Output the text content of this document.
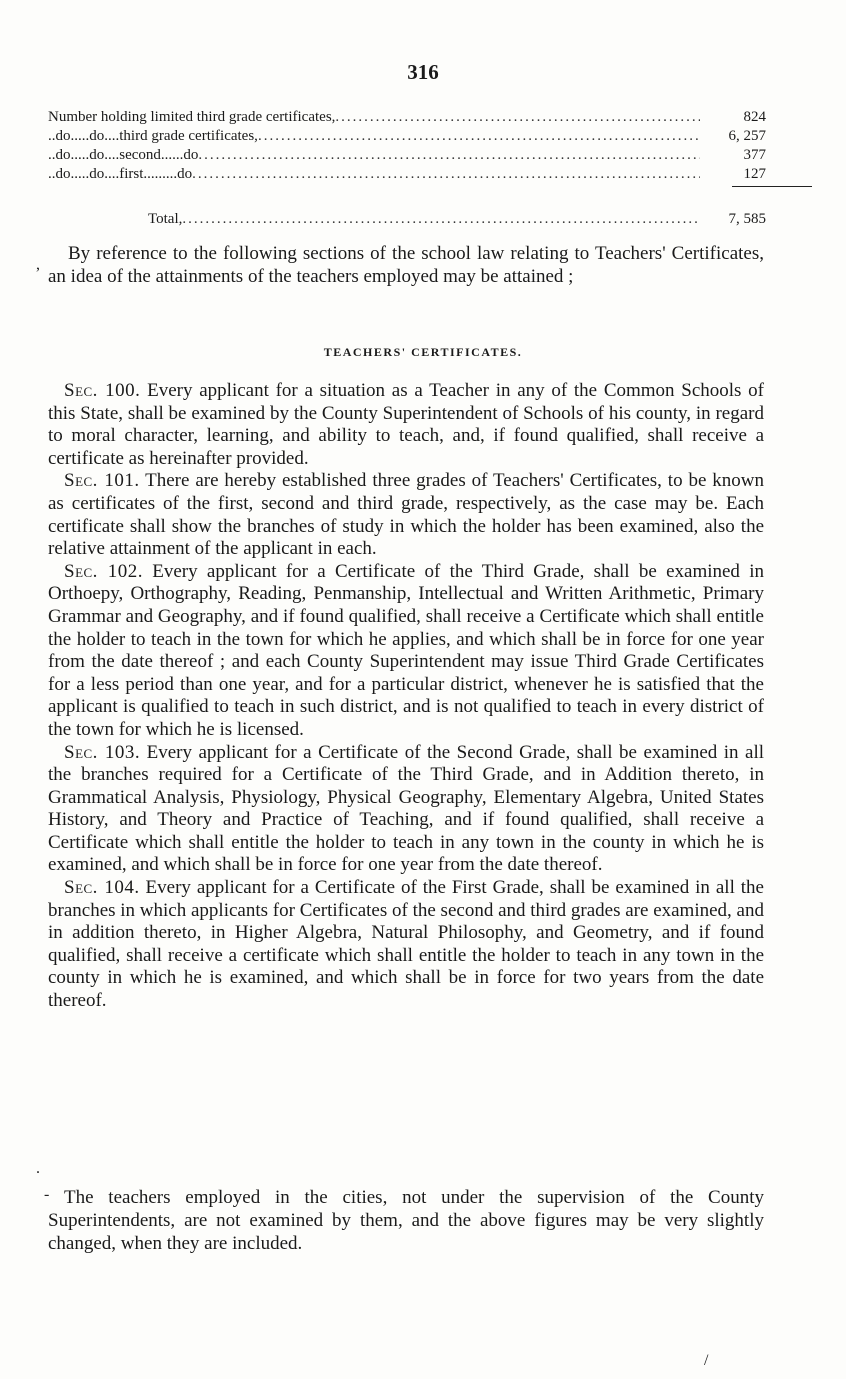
316
Number holding limited third grade certificates, .....	824
..do.....do....third grade certificates, .....	6, 257
..do.....do....second......do .....	377
..do.....do....first.........do .....	127
Total, .....	7, 585

By reference to the following sections of the school law relating to Teachers' Certificates, an idea of the attainments of the teachers employed may be attained ;

TEACHERS' CERTIFICATES.

Sec. 100. Every applicant for a situation as a Teacher in any of the Common Schools of this State, shall be examined by the County Superintendent of Schools of his county, in regard to moral character, learning, and ability to teach, and, if found qualified, shall receive a certificate as hereinafter provided.

Sec. 101. There are hereby established three grades of Teachers' Certificates, to be known as certificates of the first, second and third grade, respectively, as the case may be. Each certificate shall show the branches of study in which the holder has been examined, also the relative attainment of the applicant in each.

Sec. 102. Every applicant for a Certificate of the Third Grade, shall be examined in Orthoepy, Orthography, Reading, Penmanship, Intellectual and Written Arithmetic, Primary Grammar and Geography, and if found qualified, shall receive a Certificate which shall entitle the holder to teach in the town for which he applies, and which shall be in force for one year from the date thereof ; and each County Superintendent may issue Third Grade Certificates for a less period than one year, and for a particular district, whenever he is satisfied that the applicant is qualified to teach in such district, and is not qualified to teach in every district of the town for which he is licensed.

Sec. 103. Every applicant for a Certificate of the Second Grade, shall be examined in all the branches required for a Certificate of the Third Grade, and in Addition thereto, in Grammatical Analysis, Physiology, Physical Geography, Elementary Algebra, United States History, and Theory and Practice of Teaching, and if found qualified, shall receive a Certificate which shall entitle the holder to teach in any town in the county in which he is examined, and which shall be in force for one year from the date thereof.

Sec. 104. Every applicant for a Certificate of the First Grade, shall be examined in all the branches in which applicants for Certificates of the second and third grades are examined, and in addition thereto, in Higher Algebra, Natural Philosophy, and Geometry, and if found qualified, shall receive a certificate which shall entitle the holder to teach in any town in the county in which he is examined, and which shall be in force for two years from the date thereof.

The teachers employed in the cities, not under the supervision of the County Superintendents, are not examined by them, and the above figures may be very slightly changed, when they are included.

,
.
-
/
